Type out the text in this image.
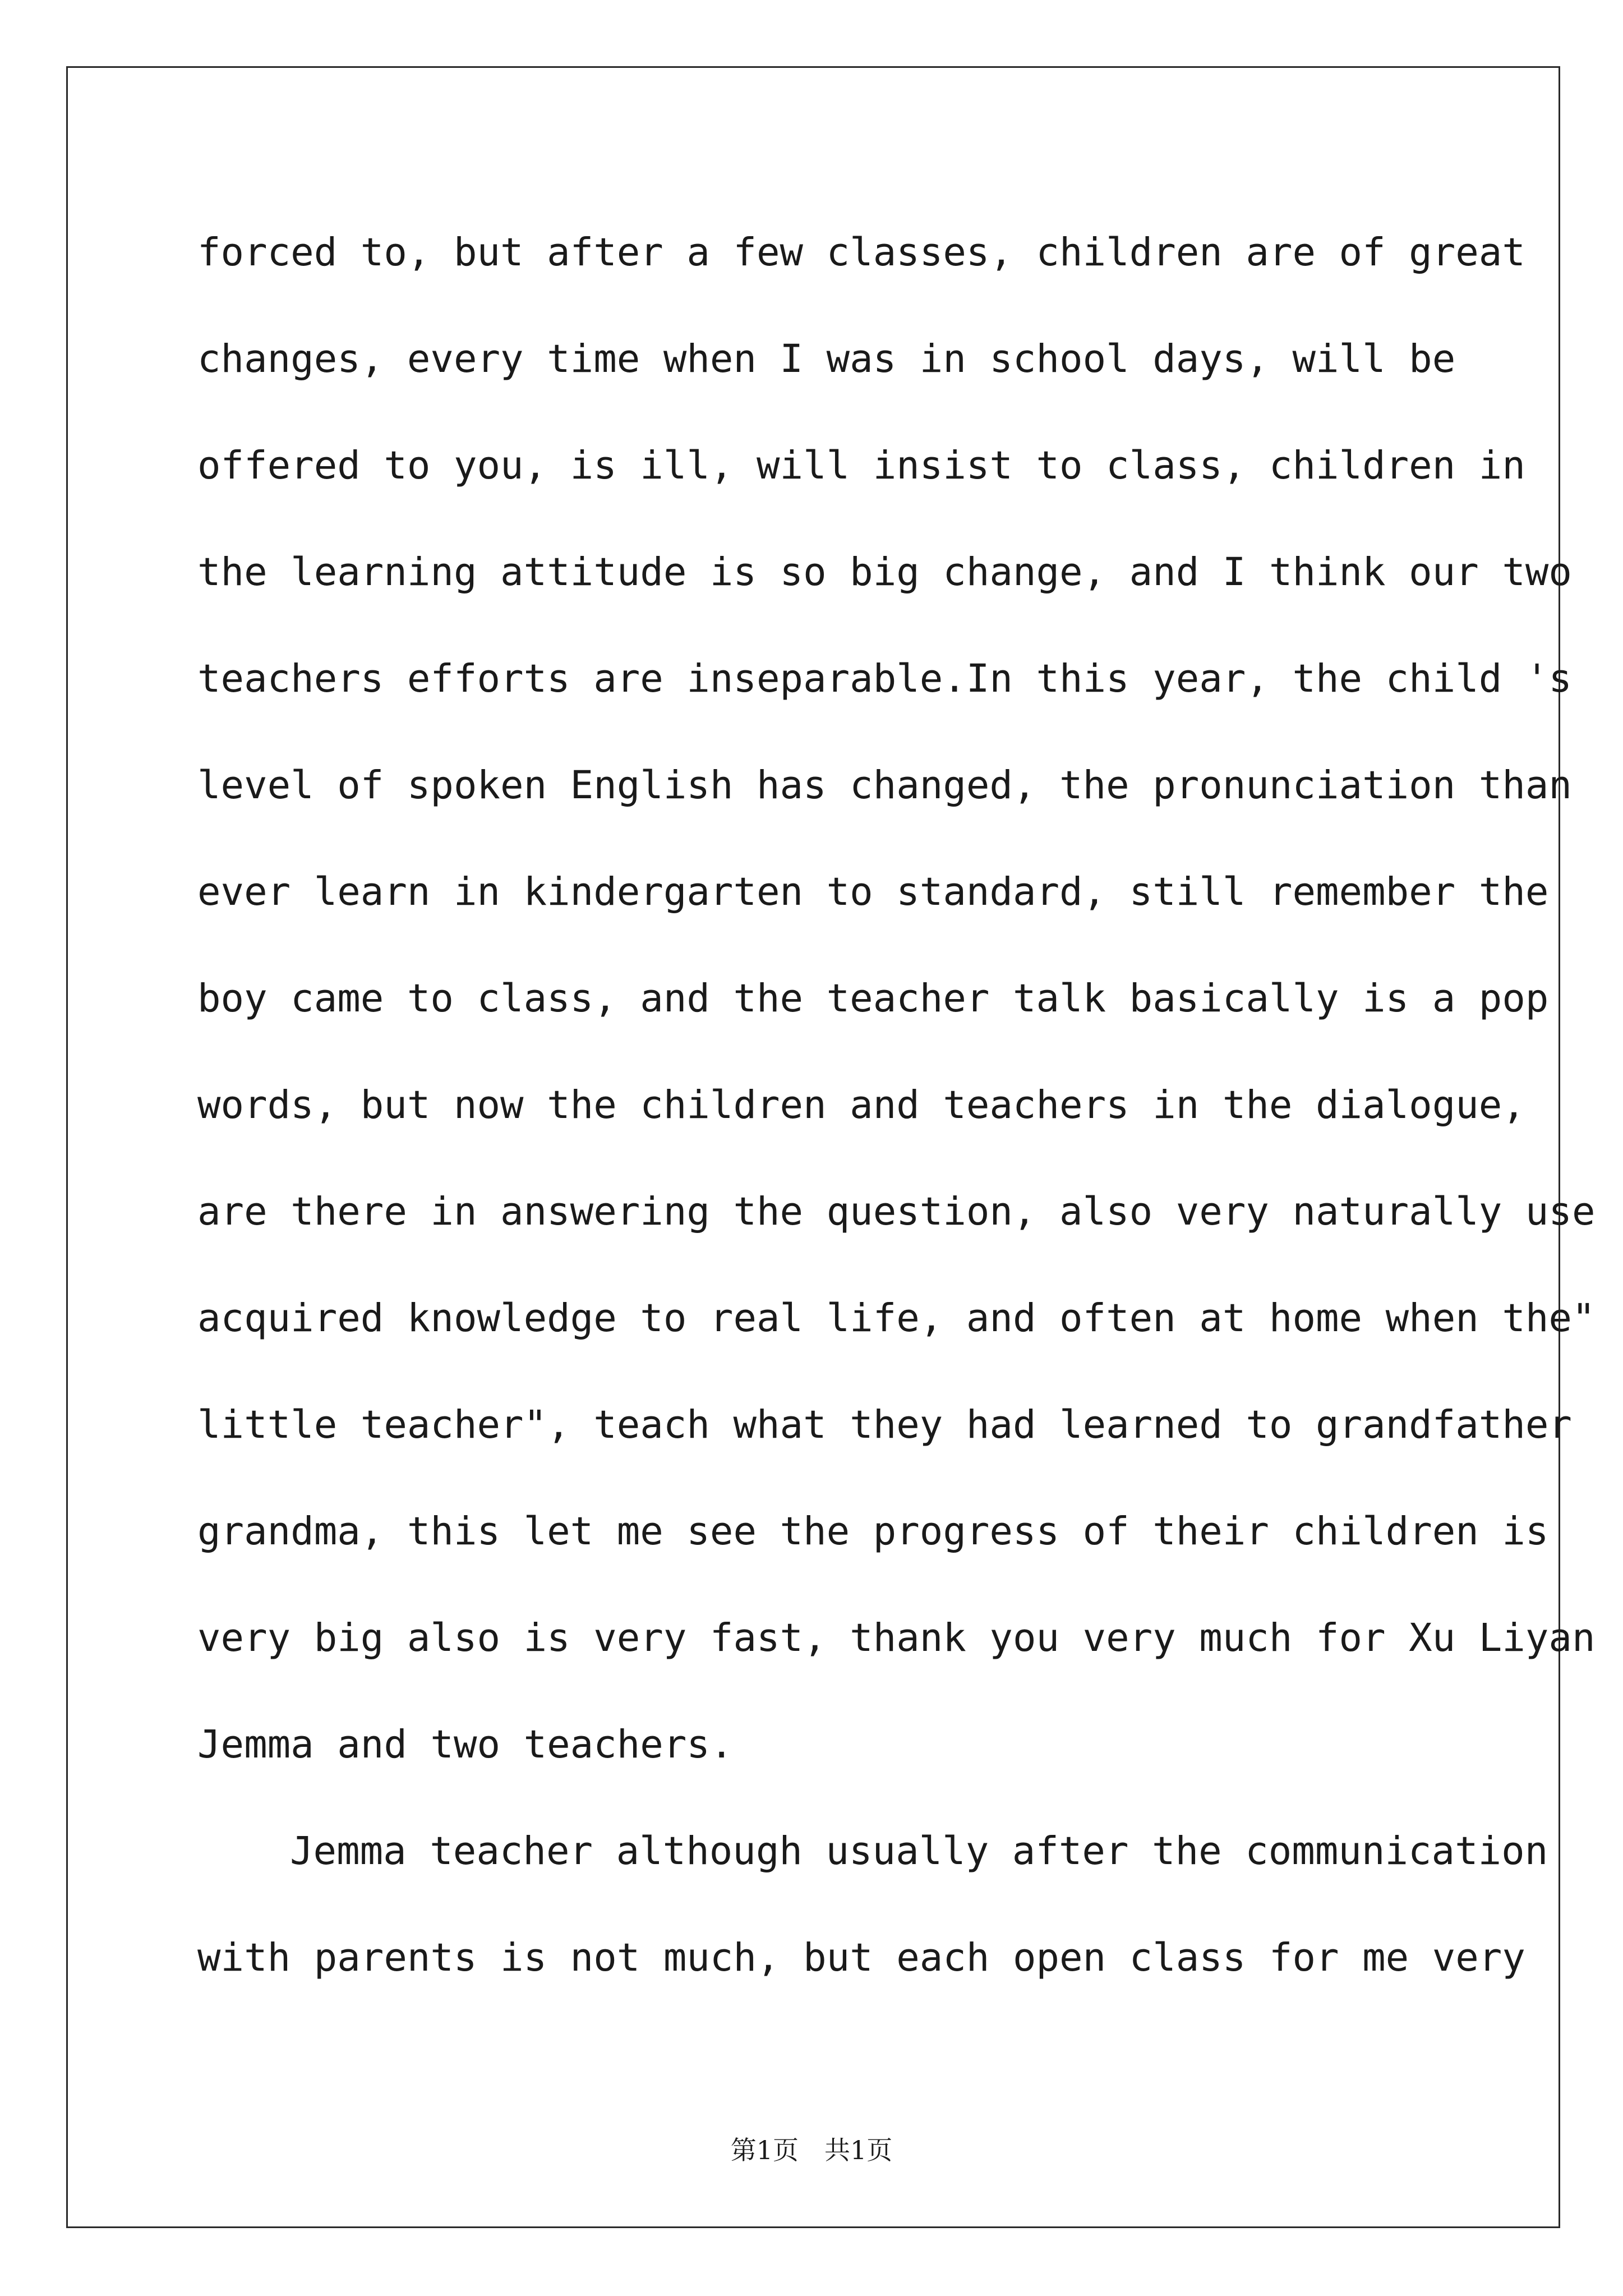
forced to, but after a few classes, children are of great
changes, every time when I was in school days, will be
offered to you, is ill, will insist to class, children in
the learning attitude is so big change, and I think our two
teachers efforts are inseparable.In this year, the child 's
level of spoken English has changed, the pronunciation than
ever learn in kindergarten to standard, still remember the
boy came to class, and the teacher talk basically is a pop
words, but now the children and teachers in the dialogue,
are there in answering the question, also very naturally use
acquired knowledge to real life, and often at home when the"
little teacher", teach what they had learned to grandfather
grandma, this let me see the progress of their children is
very big also is very fast, thank you very much for Xu Liyan
Jemma and two teachers.
Jemma teacher although usually after the communication
with parents is not much, but each open class for me very
第1页　共1页
